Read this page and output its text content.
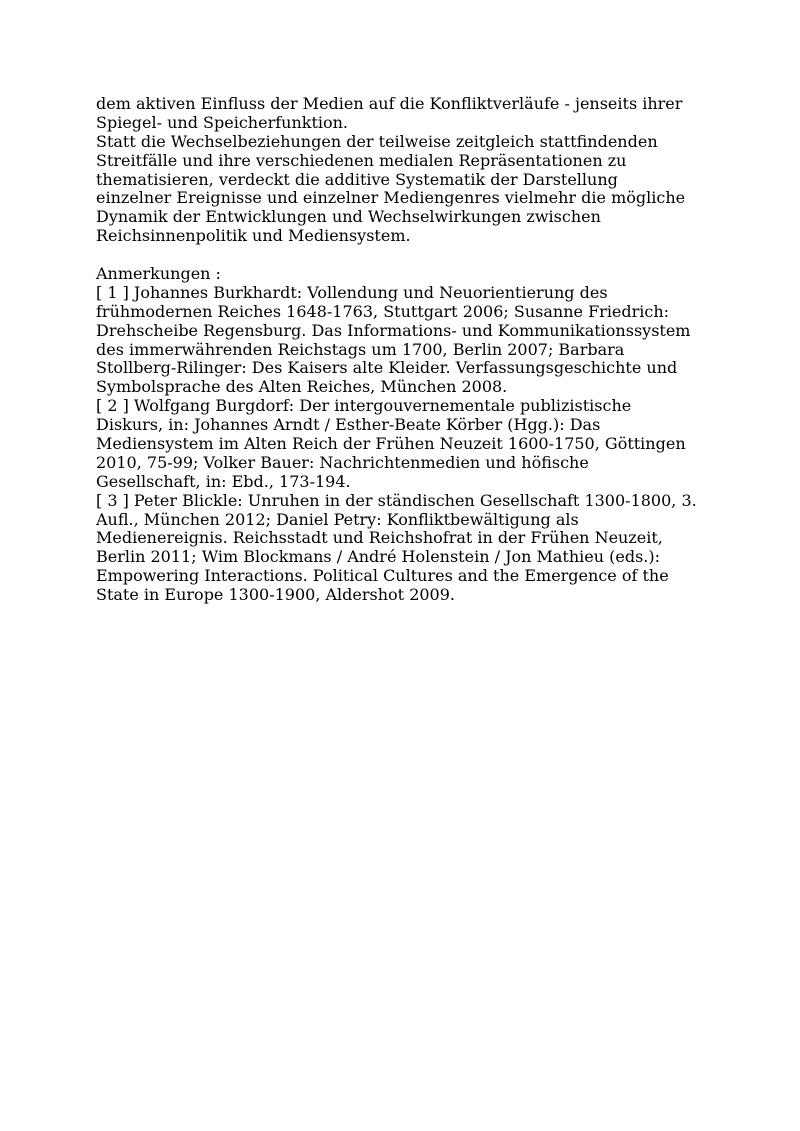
dem aktiven Einfluss der Medien auf die Konfliktverläufe - jenseits ihrer
Spiegel- und Speicherfunktion.
Statt die Wechselbeziehungen der teilweise zeitgleich stattfindenden
Streitfälle und ihre verschiedenen medialen Repräsentationen zu
thematisieren, verdeckt die additive Systematik der Darstellung
einzelner Ereignisse und einzelner Mediengenres vielmehr die mögliche
Dynamik der Entwicklungen und Wechselwirkungen zwischen
Reichsinnenpolitik und Mediensystem.
Anmerkungen :
[ 1 ] Johannes Burkhardt: Vollendung und Neuorientierung des
frühmodernen Reiches 1648-1763, Stuttgart 2006; Susanne Friedrich:
Drehscheibe Regensburg. Das Informations- und Kommunikationssystem
des immerwährenden Reichstags um 1700, Berlin 2007; Barbara
Stollberg-Rilinger: Des Kaisers alte Kleider. Verfassungsgeschichte und
Symbolsprache des Alten Reiches, München 2008.
[ 2 ] Wolfgang Burgdorf: Der intergouvernementale publizistische
Diskurs, in: Johannes Arndt / Esther-Beate Körber (Hgg.): Das
Mediensystem im Alten Reich der Frühen Neuzeit 1600-1750, Göttingen
2010, 75-99; Volker Bauer: Nachrichtenmedien und höfische
Gesellschaft, in: Ebd., 173-194.
[ 3 ] Peter Blickle: Unruhen in der ständischen Gesellschaft 1300-1800, 3.
Aufl., München 2012; Daniel Petry: Konfliktbewältigung als
Medienereignis. Reichsstadt und Reichshofrat in der Frühen Neuzeit,
Berlin 2011; Wim Blockmans / André Holenstein / Jon Mathieu (eds.):
Empowering Interactions. Political Cultures and the Emergence of the
State in Europe 1300-1900, Aldershot 2009.
